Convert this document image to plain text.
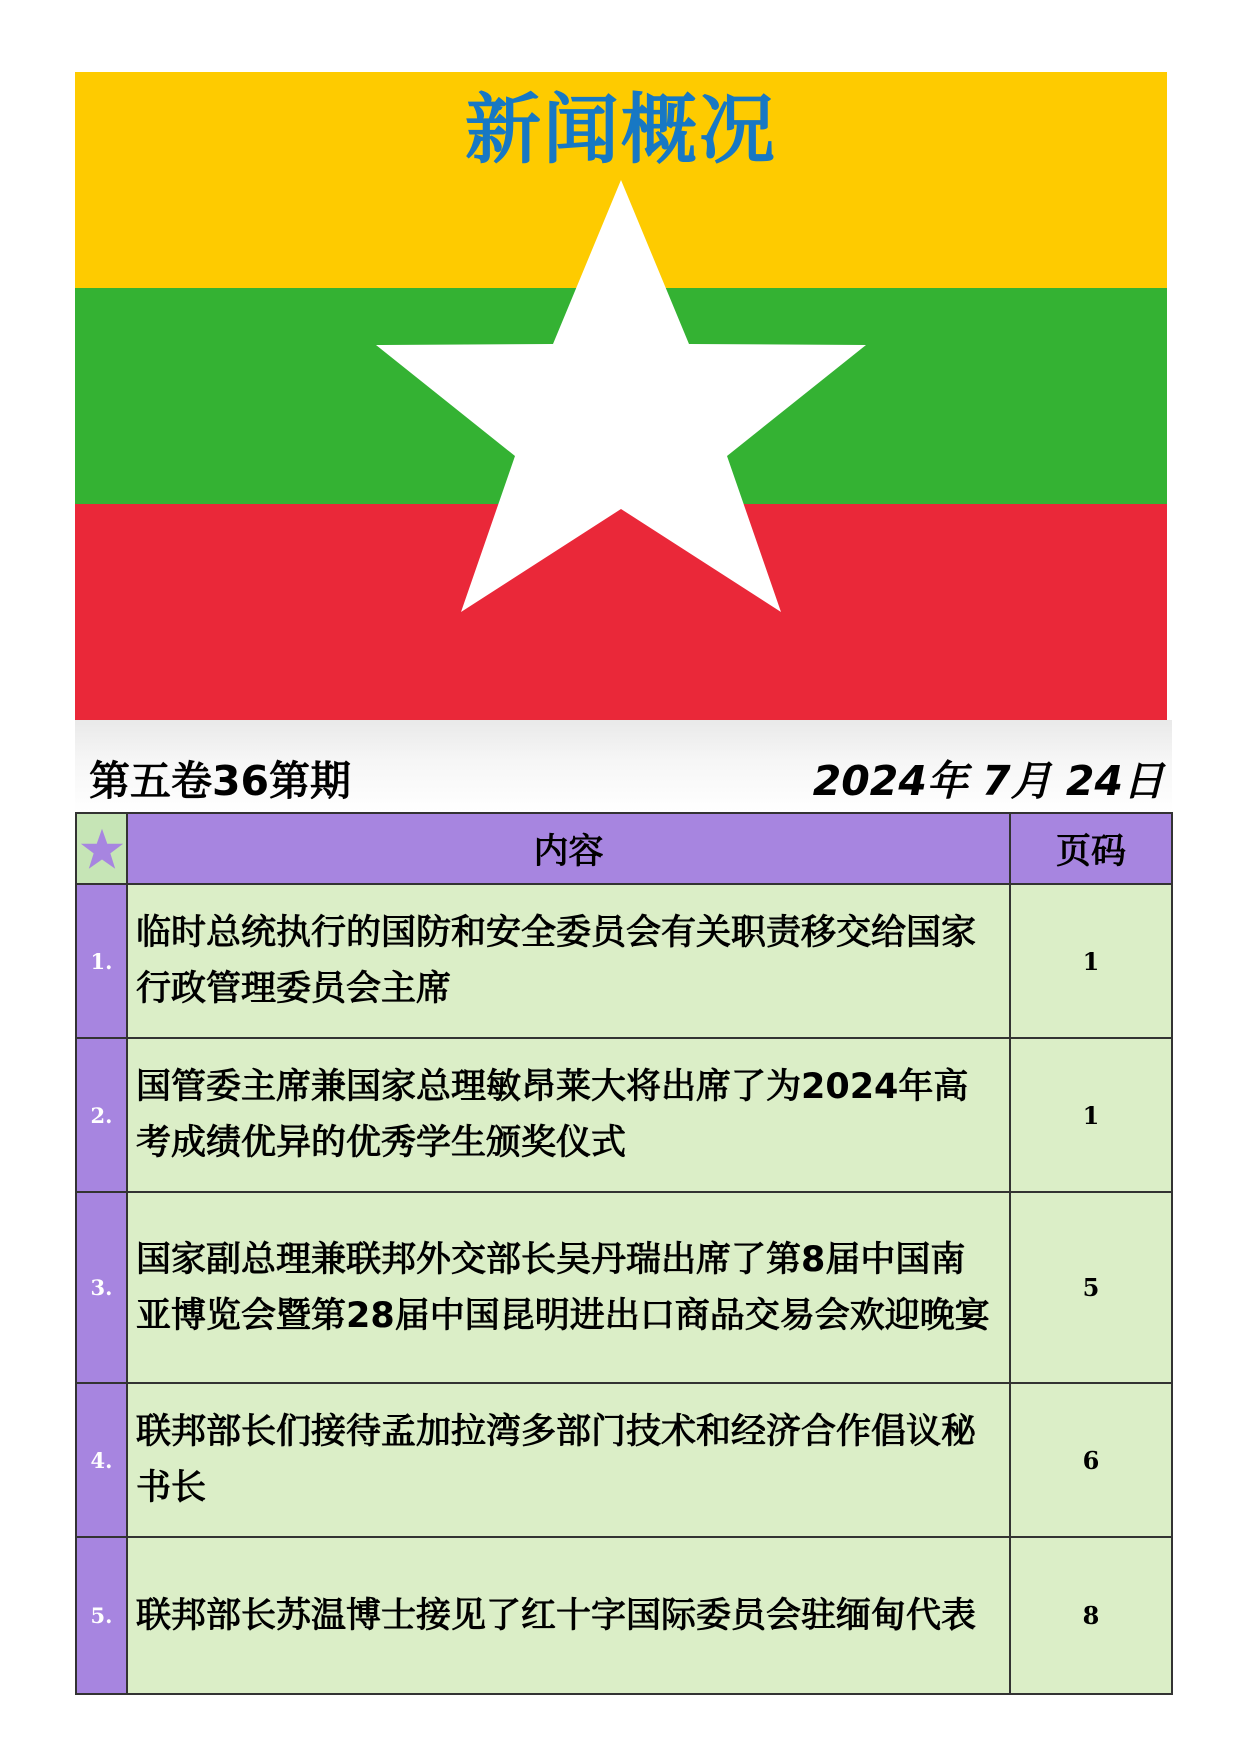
新闻概况
第五卷36第期	2024年 7月 24日
	内容	页码
1.	临时总统执行的国防和安全委员会有关职责移交给国家行政管理委员会主席	1
2.	国管委主席兼国家总理敏昂莱大将出席了为2024年高考成绩优异的优秀学生颁奖仪式	1
3.	国家副总理兼联邦外交部长吴丹瑞出席了第8届中国南亚博览会暨第28届中国昆明进出口商品交易会欢迎晚宴	5
4.	联邦部长们接待孟加拉湾多部门技术和经济合作倡议秘书长	6
5.	联邦部长苏温博士接见了红十字国际委员会驻缅甸代表	8
